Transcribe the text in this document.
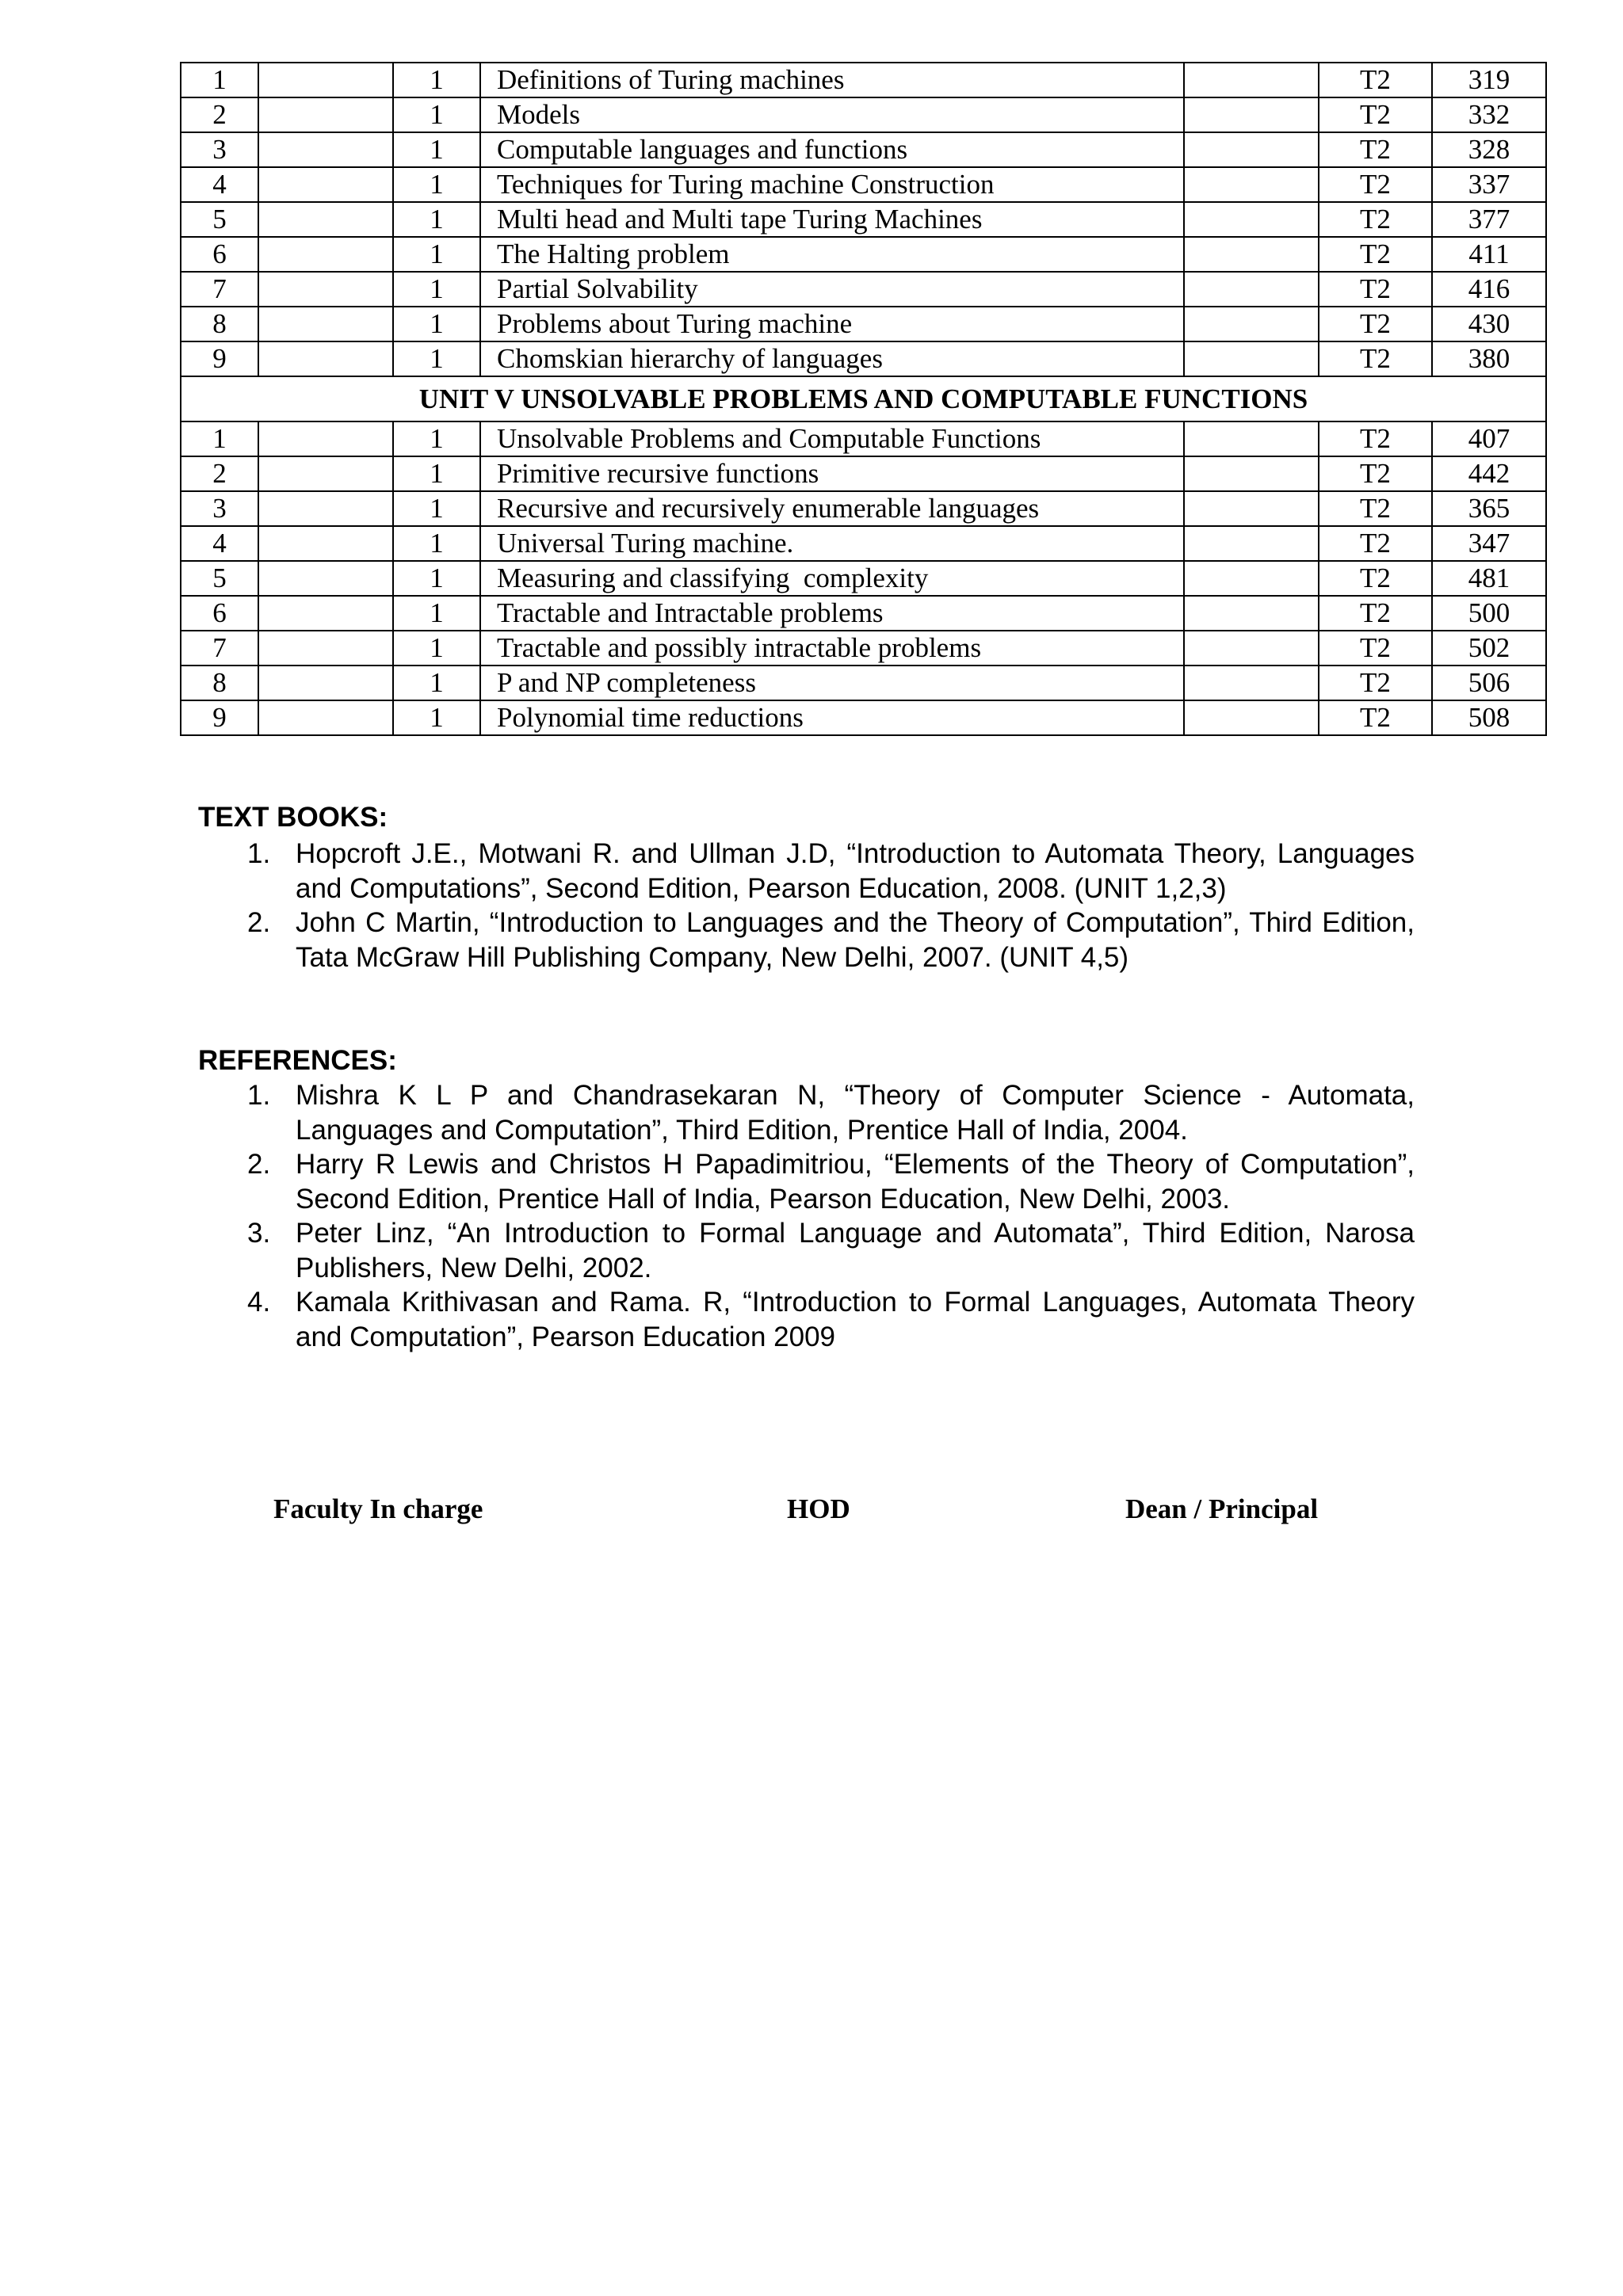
1		1	Definitions of Turing machines		T2	319
2		1	Models		T2	332
3		1	Computable languages and functions		T2	328
4		1	Techniques for Turing machine Construction		T2	337
5		1	Multi head and Multi tape Turing Machines		T2	377
6		1	The Halting problem		T2	411
7		1	Partial Solvability		T2	416
8		1	Problems about Turing machine		T2	430
9		1	Chomskian hierarchy of languages		T2	380
UNIT V UNSOLVABLE PROBLEMS AND COMPUTABLE FUNCTIONS						
1		1	Unsolvable Problems and Computable Functions		T2	407
2		1	Primitive recursive functions		T2	442
3		1	Recursive and recursively enumerable languages		T2	365
4		1	Universal Turing machine.		T2	347
5		1	Measuring and classifying  complexity		T2	481
6		1	Tractable and Intractable problems		T2	500
7		1	Tractable and possibly intractable problems		T2	502
8		1	P and NP completeness		T2	506
9		1	Polynomial time reductions		T2	508
TEXT BOOKS:
1. Hopcroft J.E., Motwani R. and Ullman J.D, “Introduction to Automata Theory, Languages and Computations”, Second Edition, Pearson Education, 2008. (UNIT 1,2,3)
2. John C Martin, “Introduction to Languages and the Theory of Computation”, Third Edition, Tata McGraw Hill Publishing Company, New Delhi, 2007. (UNIT 4,5)
REFERENCES:
1. Mishra K L P and Chandrasekaran N, “Theory of Computer Science - Automata, Languages and Computation”, Third Edition, Prentice Hall of India, 2004.
2. Harry R Lewis and Christos H Papadimitriou, “Elements of the Theory of Computation”, Second Edition, Prentice Hall of India, Pearson Education, New Delhi, 2003.
3. Peter Linz, “An Introduction to Formal Language and Automata”, Third Edition, Narosa Publishers, New Delhi, 2002.
4. Kamala Krithivasan and Rama. R, “Introduction to Formal Languages, Automata Theory and Computation”, Pearson Education 2009
Faculty In charge	HOD	Dean / Principal
